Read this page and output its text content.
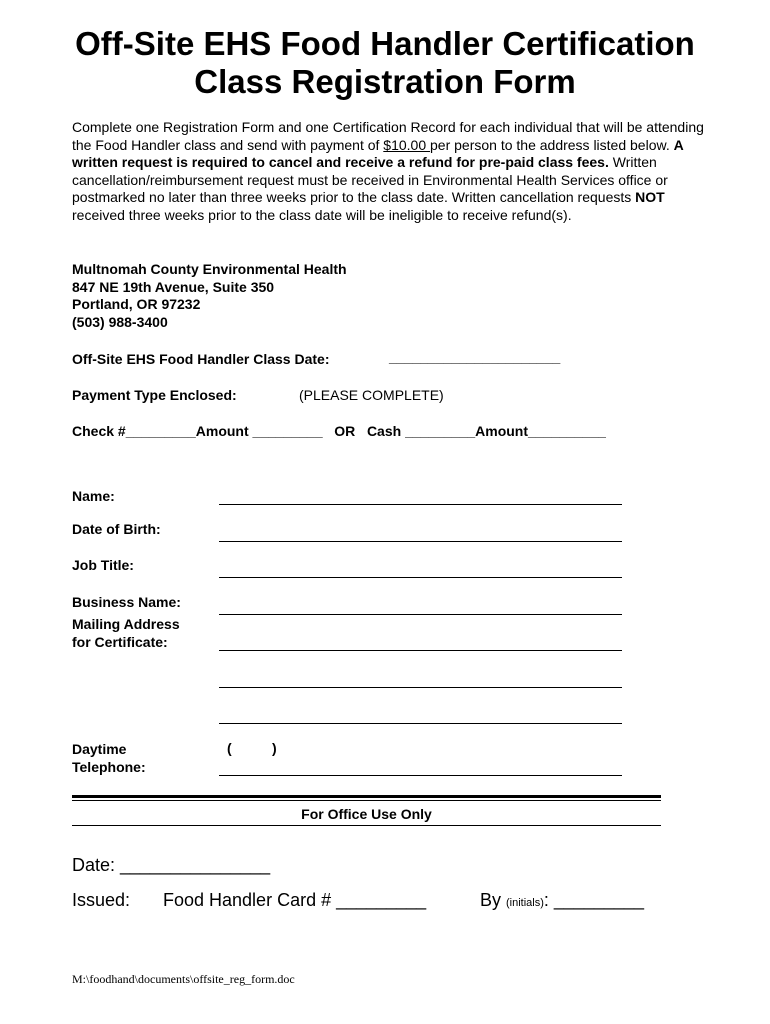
Off-Site EHS Food Handler Certification
Class Registration Form
Complete one Registration Form and one Certification Record for each individual that will be attending the Food Handler class and send with payment of $10.00 per person to the address listed below. A written request is required to cancel and receive a refund for pre-paid class fees. Written cancellation/reimbursement request must be received in Environmental Health Services office or postmarked no later than three weeks prior to the class date. Written cancellation requests NOT received three weeks prior to the class date will be ineligible to receive refund(s).
Multnomah County Environmental Health
847 NE 19th Avenue, Suite 350
Portland, OR 97232
(503) 988-3400
Off-Site EHS Food Handler Class Date:	______________________
Payment Type Enclosed:	(PLEASE COMPLETE)
Check #_________Amount _________   OR   Cash _________Amount__________
Name:
Date of Birth:
Job Title:
Business Name:
Mailing Address
for Certificate:
Daytime
Telephone:
(	)
For Office Use Only
Date: _______________
Issued: Food Handler Card # _________	By (initials): _________
M:\foodhand\documents\offsite_reg_form.doc
